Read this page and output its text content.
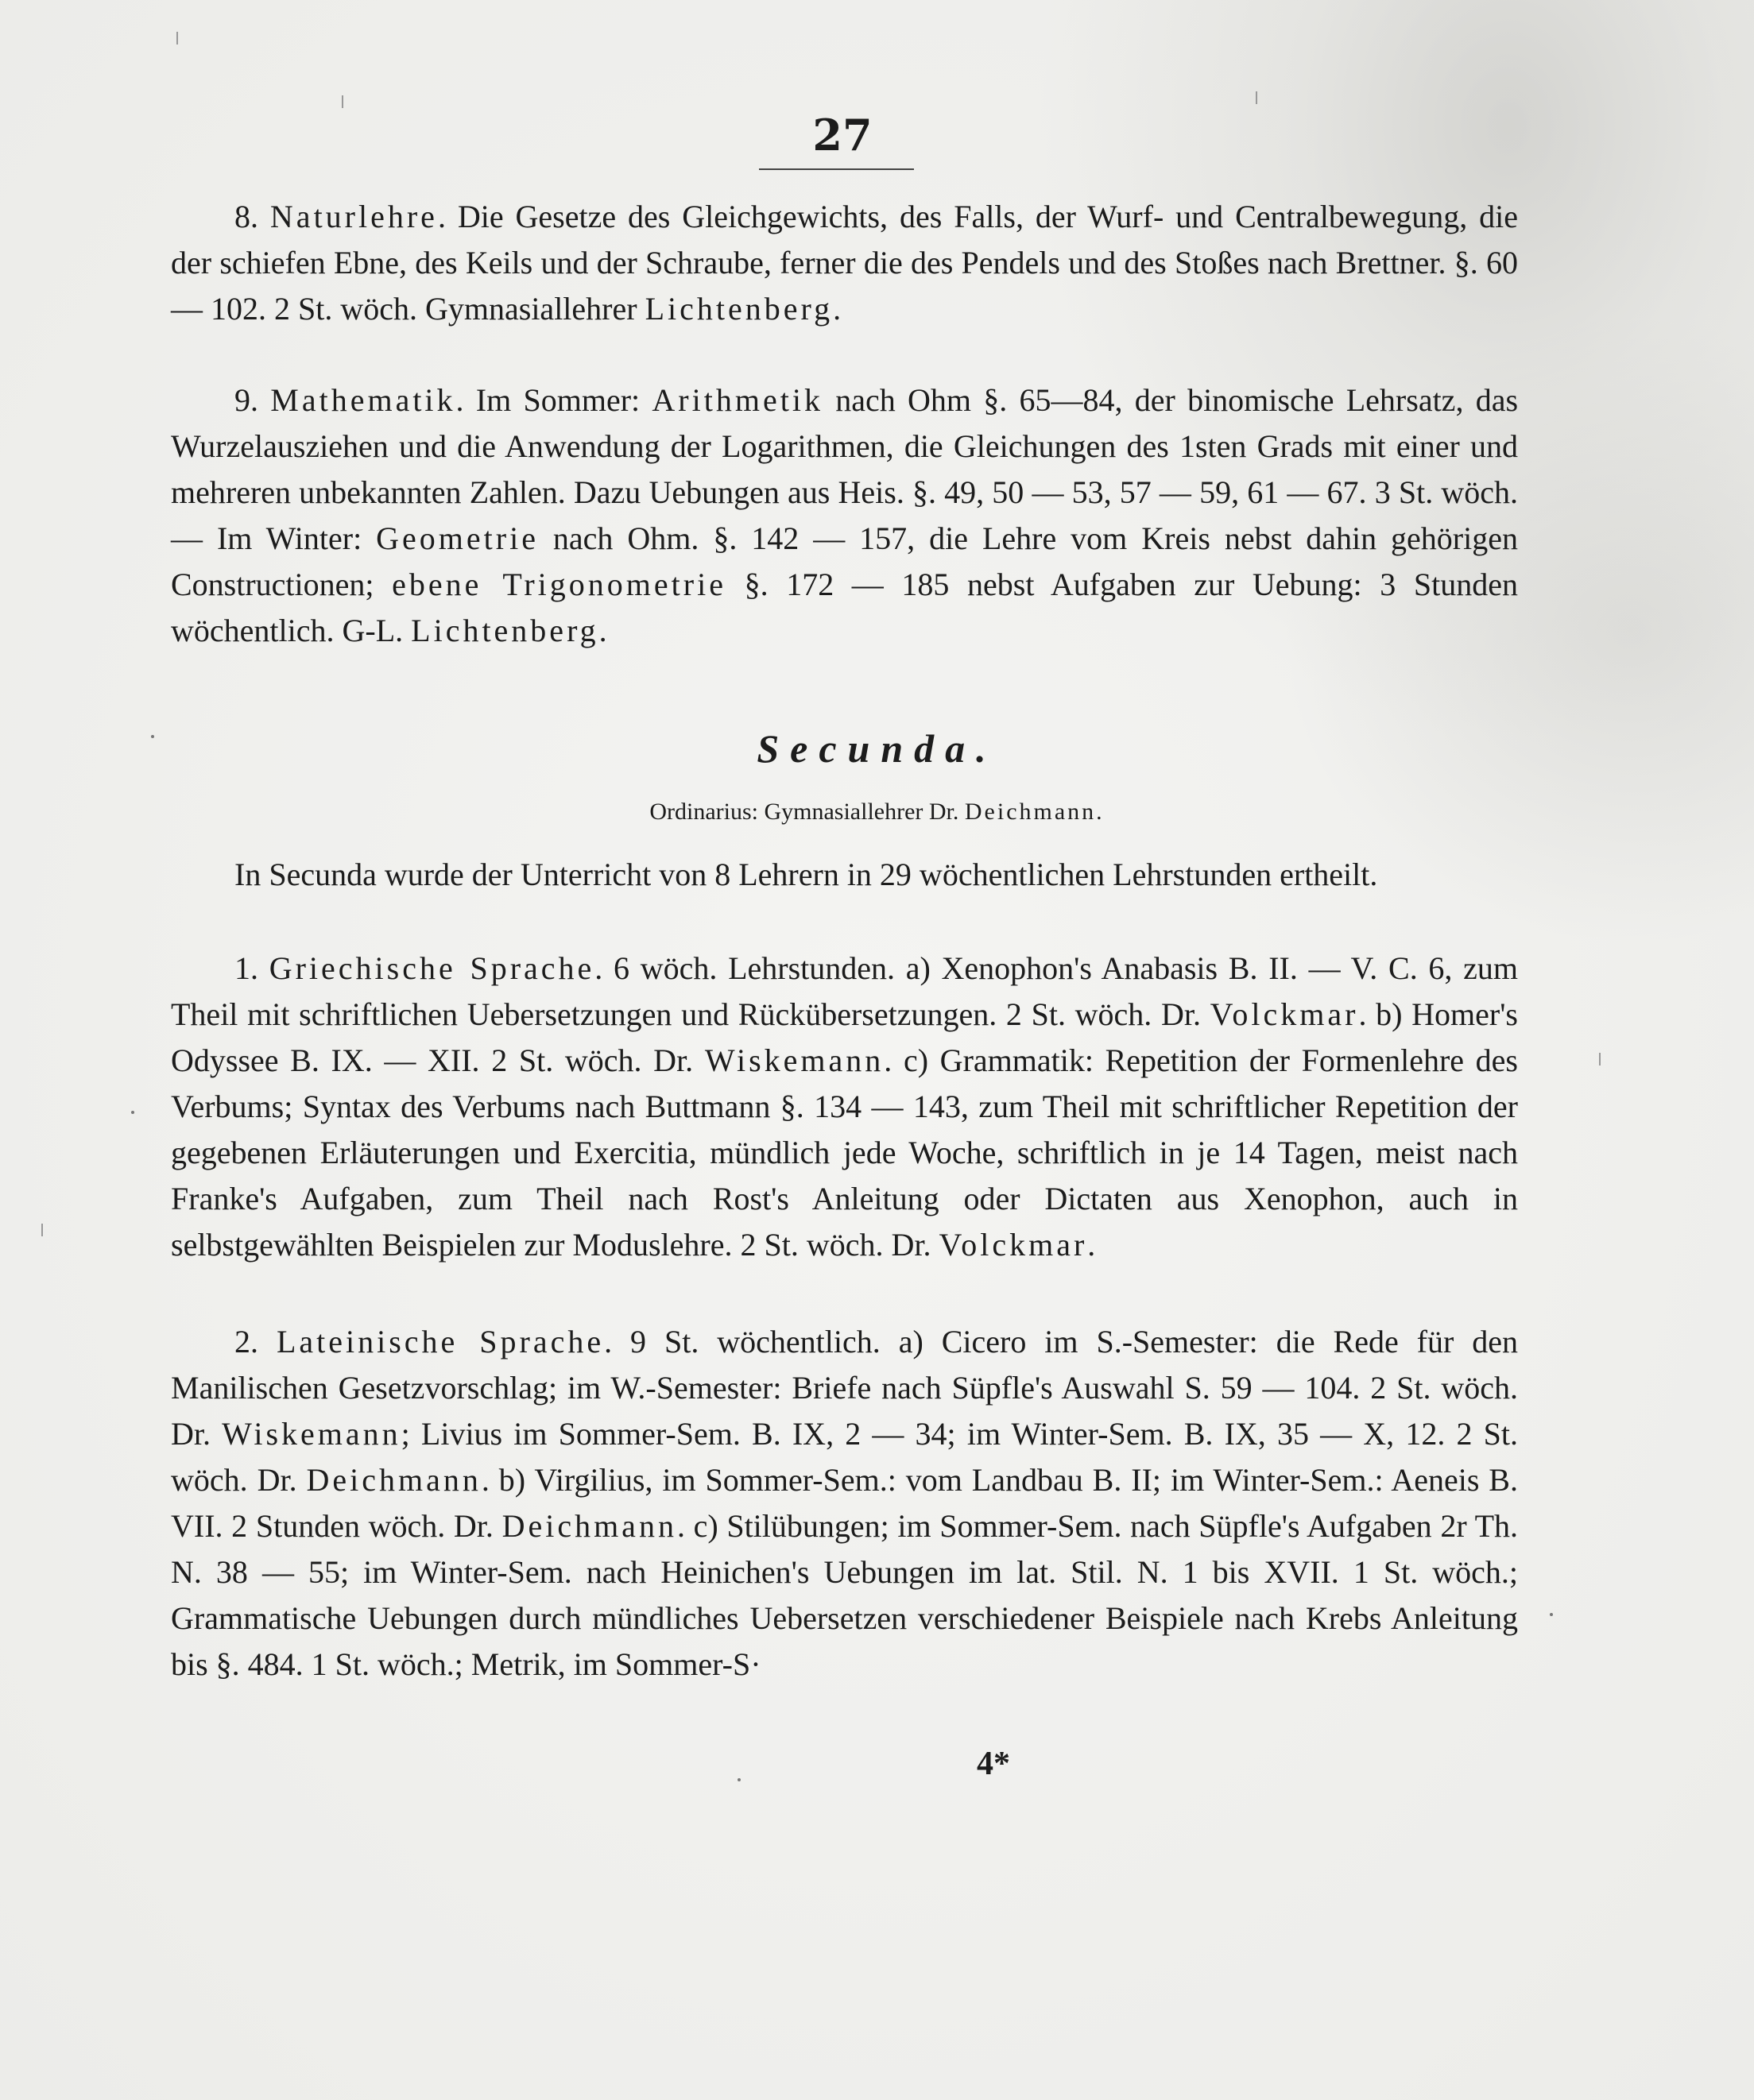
27

8. Naturlehre. Die Gesetze des Gleichgewichts, des Falls, der Wurf- und Centralbewegung, die der schiefen Ebne, des Keils und der Schraube, ferner die des Pendels und des Stoßes nach Brettner. §. 60 — 102. 2 St. wöch. Gymnasiallehrer Lichtenberg.

9. Mathematik. Im Sommer: Arithmetik nach Ohm §. 65—84, der binomische Lehrsatz, das Wurzelausziehen und die Anwendung der Logarithmen, die Gleichungen des 1sten Grads mit einer und mehreren unbekannten Zahlen. Dazu Uebungen aus Heis. §. 49, 50 — 53, 57 — 59, 61 — 67. 3 St. wöch. — Im Winter: Geometrie nach Ohm. §. 142 — 157, die Lehre vom Kreis nebst dahin gehörigen Constructionen; ebene Trigonometrie §. 172 — 185 nebst Aufgaben zur Uebung: 3 Stunden wöchentlich. G-L. Lichtenberg.

Secunda.
Ordinarius: Gymnasiallehrer Dr. Deichmann.

In Secunda wurde der Unterricht von 8 Lehrern in 29 wöchentlichen Lehrstunden ertheilt.

1. Griechische Sprache. 6 wöch. Lehrstunden. a) Xenophon's Anabasis B. II. — V. C. 6, zum Theil mit schriftlichen Uebersetzungen und Rückübersetzungen. 2 St. wöch. Dr. Volckmar. b) Homer's Odyssee B. IX. — XII. 2 St. wöch. Dr. Wiskemann. c) Grammatik: Repetition der Formenlehre des Verbums; Syntax des Verbums nach Buttmann §. 134 — 143, zum Theil mit schriftlicher Repetition der gegebenen Erläuterungen und Exercitia, mündlich jede Woche, schriftlich in je 14 Tagen, meist nach Franke's Aufgaben, zum Theil nach Rost's Anleitung oder Dictaten aus Xenophon, auch in selbstgewählten Beispielen zur Moduslehre. 2 St. wöch. Dr. Volckmar.

2. Lateinische Sprache. 9 St. wöchentlich. a) Cicero im S.-Semester: die Rede für den Manilischen Gesetzvorschlag; im W.-Semester: Briefe nach Süpfle's Auswahl S. 59 — 104. 2 St. wöch. Dr. Wiskemann; Livius im Sommer-Sem. B. IX, 2 — 34; im Winter-Sem. B. IX, 35 — X, 12. 2 St. wöch. Dr. Deichmann. b) Virgilius, im Sommer-Sem.: vom Landbau B. II; im Winter-Sem.: Aeneis B. VII. 2 Stunden wöch. Dr. Deichmann. c) Stilübungen; im Sommer-Sem. nach Süpfle's Aufgaben 2r Th. N. 38 — 55; im Winter-Sem. nach Heinichen's Uebungen im lat. Stil. N. 1 bis XVII. 1 St. wöch.; Grammatische Uebungen durch mündliches Uebersetzen verschiedener Beispiele nach Krebs Anleitung bis §. 484. 1 St. wöch.; Metrik, im Sommer-S·

4*
